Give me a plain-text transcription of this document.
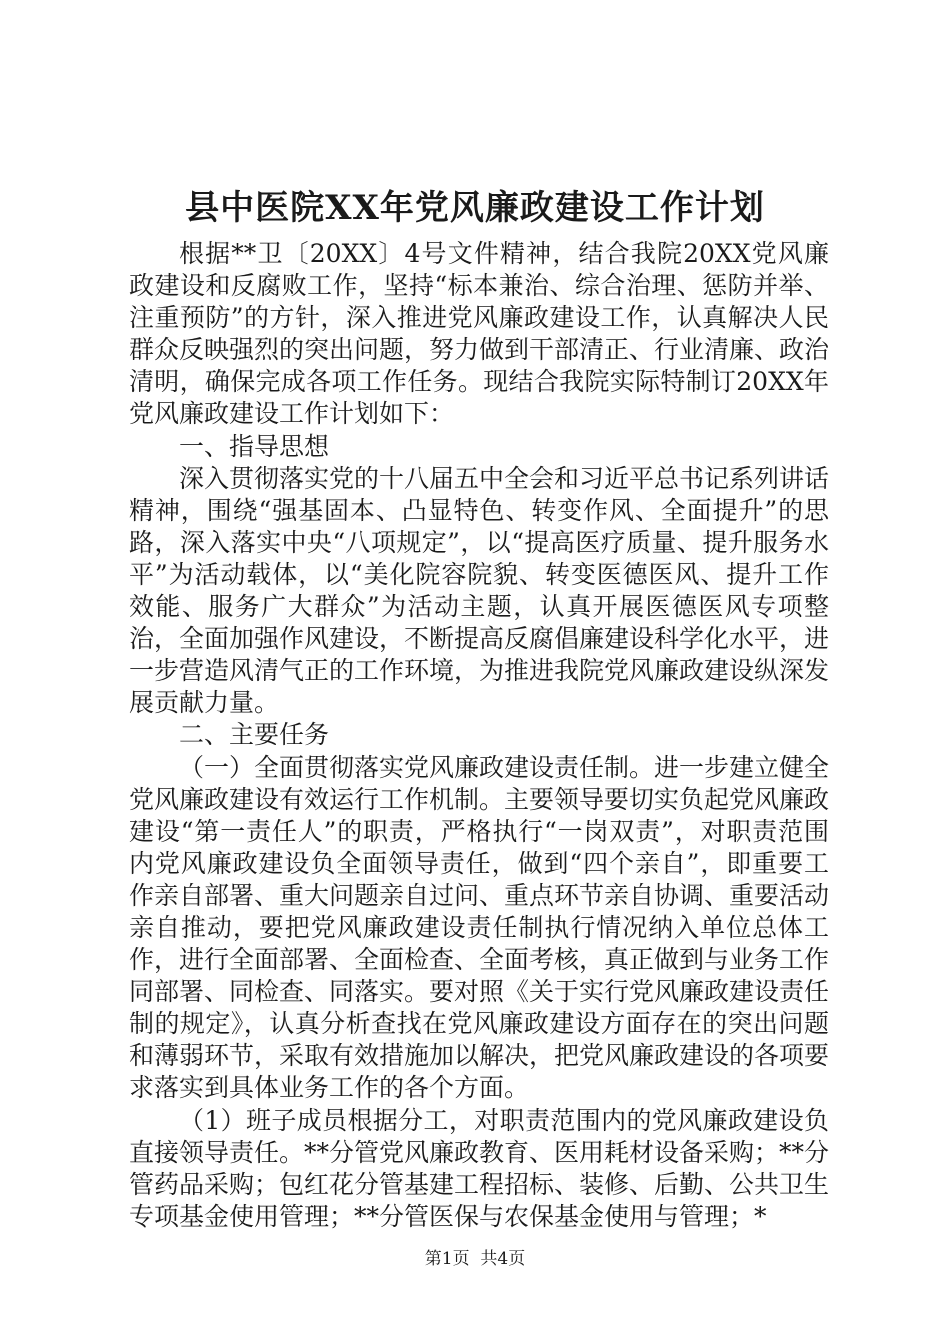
县中医院XX年党风廉政建设工作计划

根据**卫〔20XX〕4号文件精神，结合我院20XX党风廉政建设和反腐败工作，坚持“标本兼治、综合治理、惩防并举、注重预防”的方针，深入推进党风廉政建设工作，认真解决人民群众反映强烈的突出问题，努力做到干部清正、行业清廉、政治清明，确保完成各项工作任务。现结合我院实际特制订20XX年党风廉政建设工作计划如下：

一、指导思想

深入贯彻落实党的十八届五中全会和习近平总书记系列讲话精神，围绕“强基固本、凸显特色、转变作风、全面提升”的思路，深入落实中央“八项规定”，以“提高医疗质量、提升服务水平”为活动载体，以“美化院容院貌、转变医德医风、提升工作效能、服务广大群众”为活动主题，认真开展医德医风专项整治，全面加强作风建设，不断提高反腐倡廉建设科学化水平，进一步营造风清气正的工作环境，为推进我院党风廉政建设纵深发展贡献力量。

二、主要任务

（一）全面贯彻落实党风廉政建设责任制。进一步建立健全党风廉政建设有效运行工作机制。主要领导要切实负起党风廉政建设“第一责任人”的职责，严格执行“一岗双责”，对职责范围内党风廉政建设负全面领导责任，做到“四个亲自”，即重要工作亲自部署、重大问题亲自过问、重点环节亲自协调、重要活动亲自推动，要把党风廉政建设责任制执行情况纳入单位总体工作，进行全面部署、全面检查、全面考核，真正做到与业务工作同部署、同检查、同落实。要对照《关于实行党风廉政建设责任制的规定》，认真分析查找在党风廉政建设方面存在的突出问题和薄弱环节，采取有效措施加以解决，把党风廉政建设的各项要求落实到具体业务工作的各个方面。

（1）班子成员根据分工，对职责范围内的党风廉政建设负直接领导责任。**分管党风廉政教育、医用耗材设备采购；**分管药品采购；包红花分管基建工程招标、装修、后勤、公共卫生专项基金使用管理；**分管医保与农保基金使用与管理；*

第1页  共4页
